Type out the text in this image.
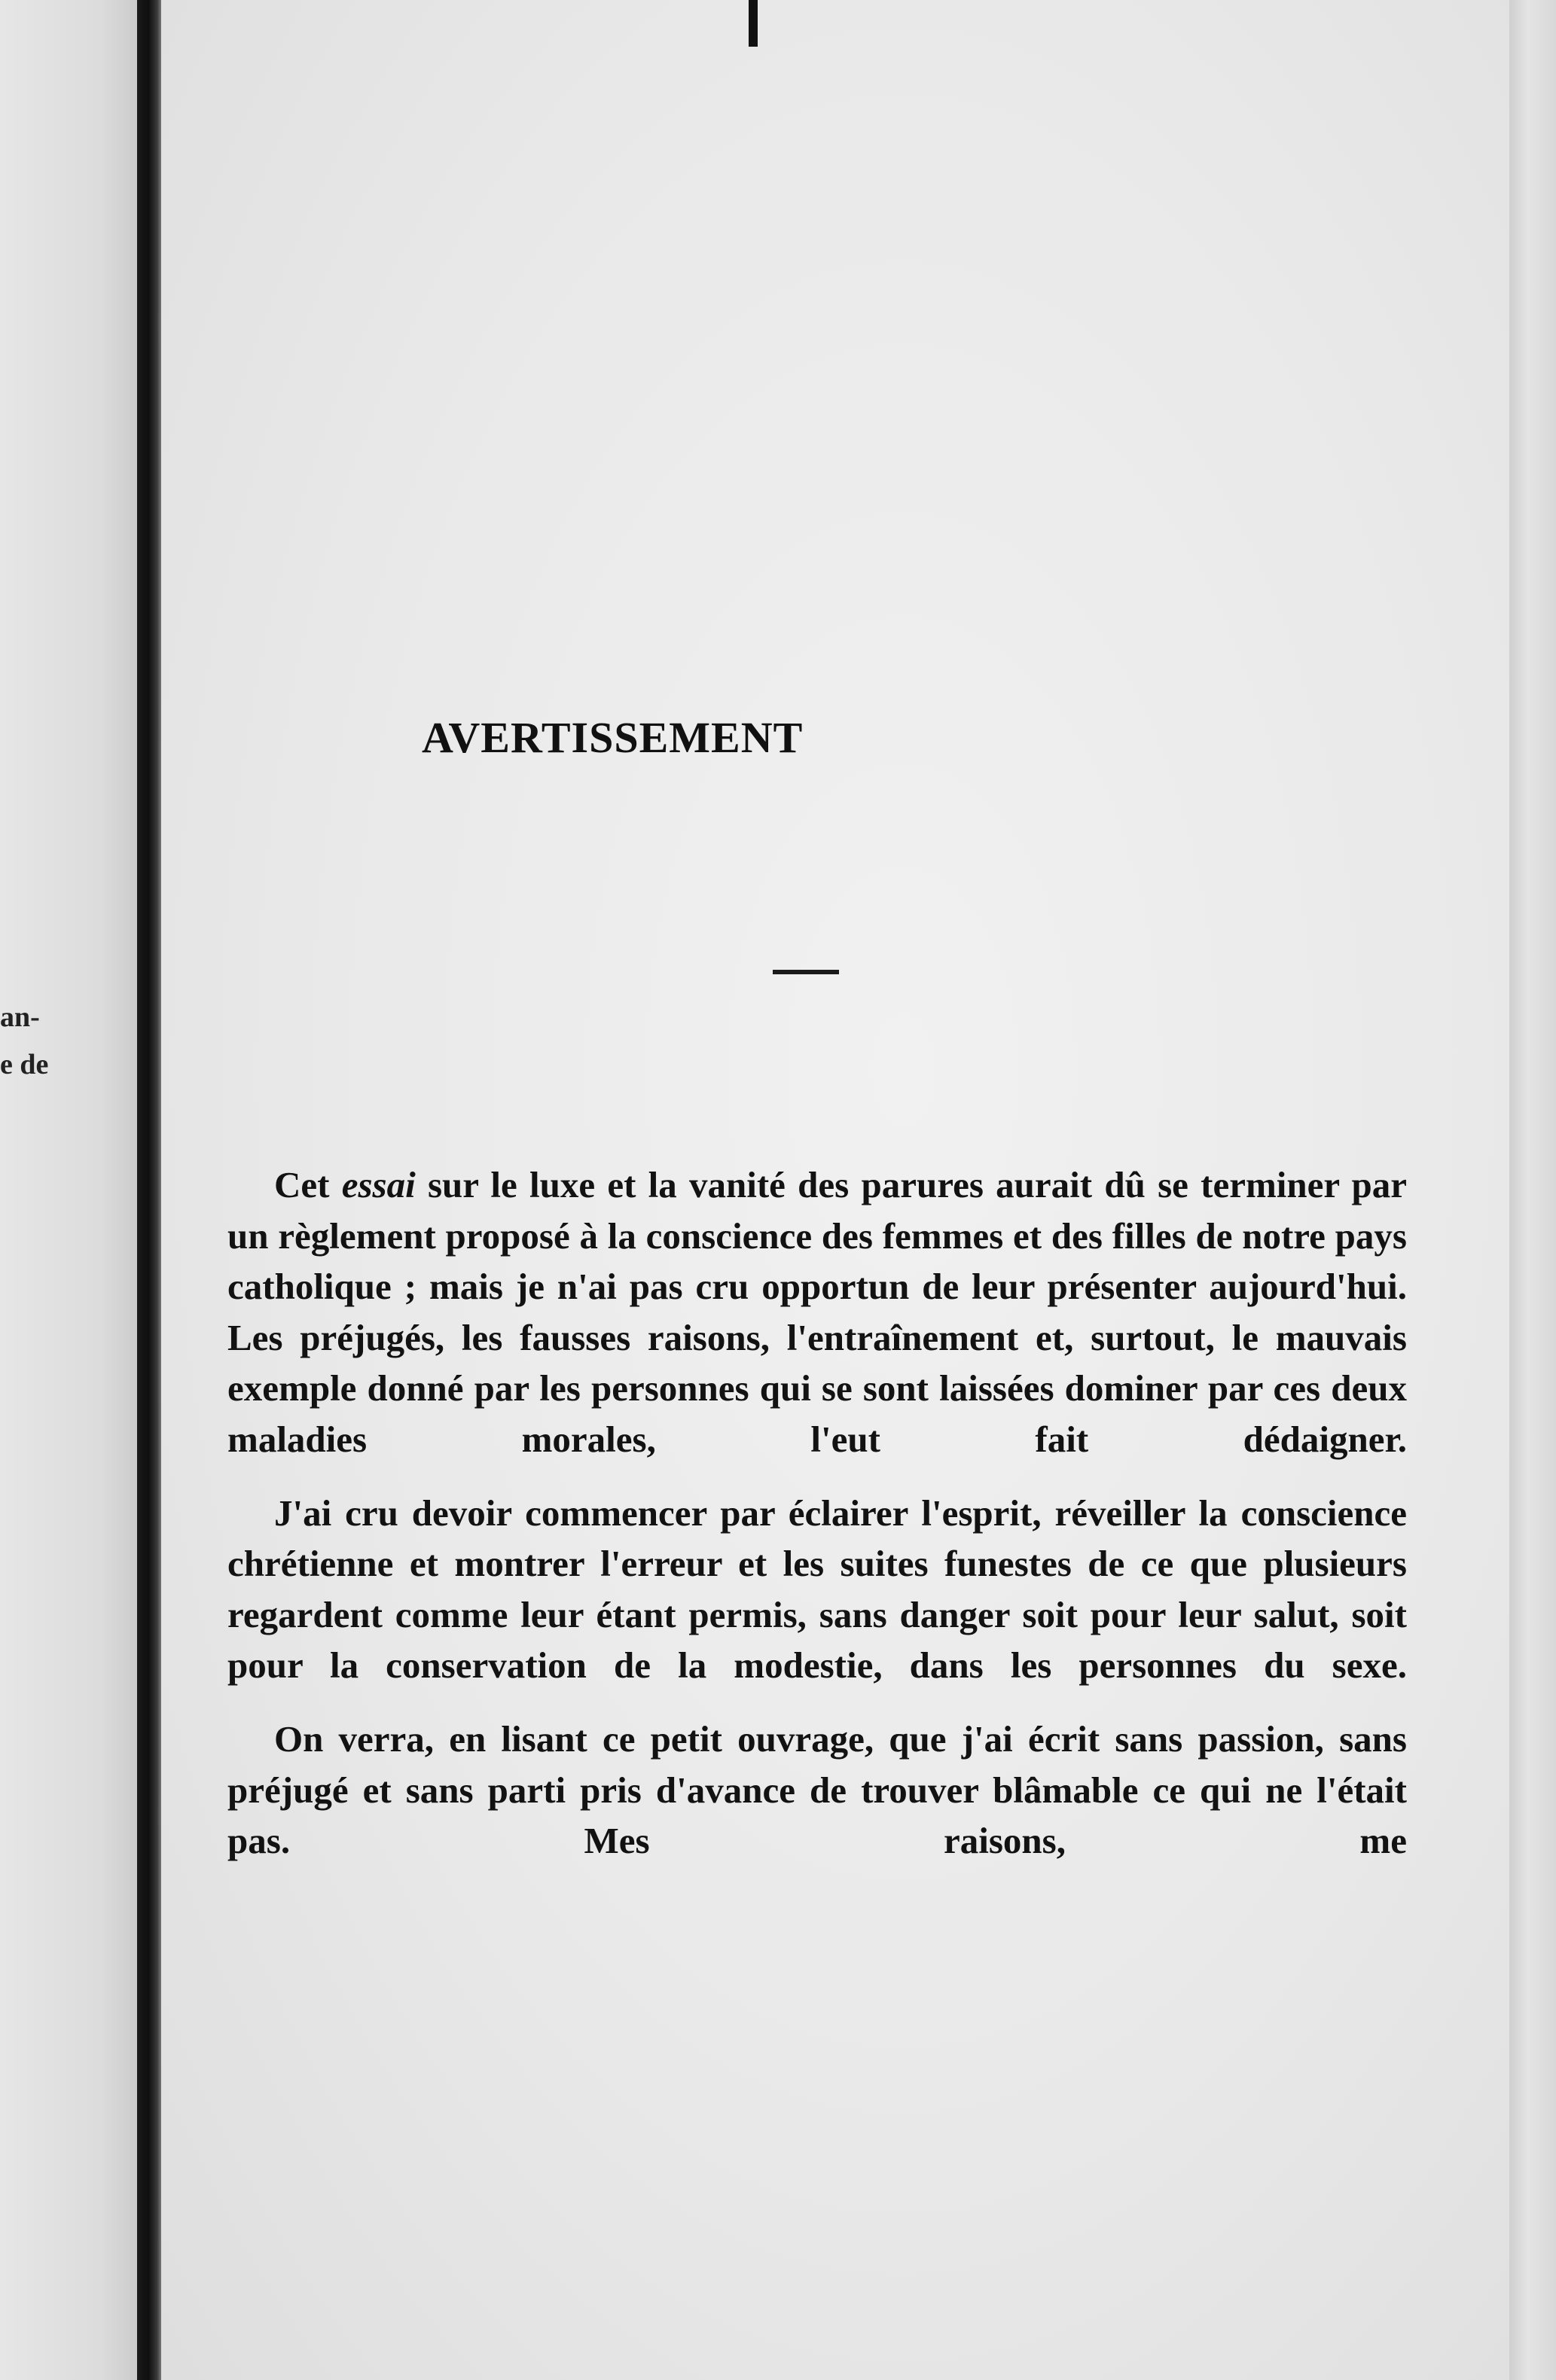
an-
e de
AVERTISSEMENT

Cet essai sur le luxe et la vanité des parures aurait dû se terminer par un règlement proposé à la conscience des femmes et des filles de notre pays catholique ; mais je n'ai pas cru opportun de leur présenter aujourd'hui. Les préjugés, les fausses raisons, l'entraînement et, surtout, le mauvais exemple donné par les personnes qui se sont laissées dominer par ces deux maladies morales, l'eut fait dédaigner.

J'ai cru devoir commencer par éclairer l'esprit, réveiller la conscience chrétienne et montrer l'erreur et les suites funestes de ce que plusieurs regardent comme leur étant permis, sans danger soit pour leur salut, soit pour la conservation de la modestie, dans les personnes du sexe.

On verra, en lisant ce petit ouvrage, que j'ai écrit sans passion, sans préjugé et sans parti pris d'avance de trouver blâmable ce qui ne l'était pas. Mes raisons, me
